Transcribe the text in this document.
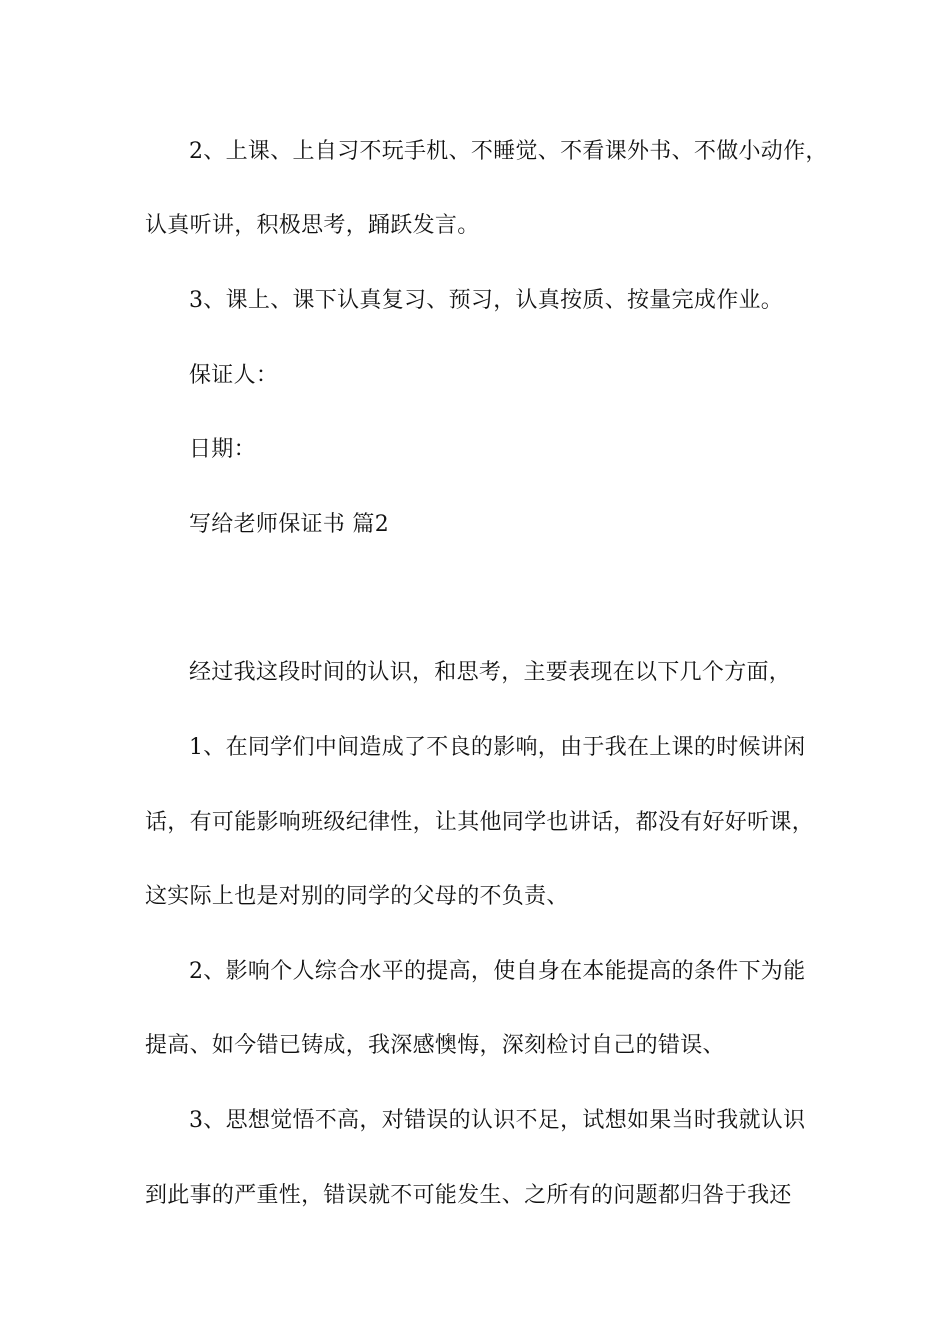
2、上课、上自习不玩手机、不睡觉、不看课外书、不做小动作，
认真听讲，积极思考，踊跃发言。
3、课上、课下认真复习、预习，认真按质、按量完成作业。
保证人：
日期：
写给老师保证书 篇2
经过我这段时间的认识，和思考，主要表现在以下几个方面，
1、在同学们中间造成了不良的影响，由于我在上课的时候讲闲
话，有可能影响班级纪律性，让其他同学也讲话，都没有好好听课，
这实际上也是对别的同学的父母的不负责、
2、影响个人综合水平的提高，使自身在本能提高的条件下为能
提高、如今错已铸成，我深感懊悔，深刻检讨自己的错误、
3、思想觉悟不高，对错误的认识不足，试想如果当时我就认识
到此事的严重性，错误就不可能发生、之所有的问题都归咎于我还
